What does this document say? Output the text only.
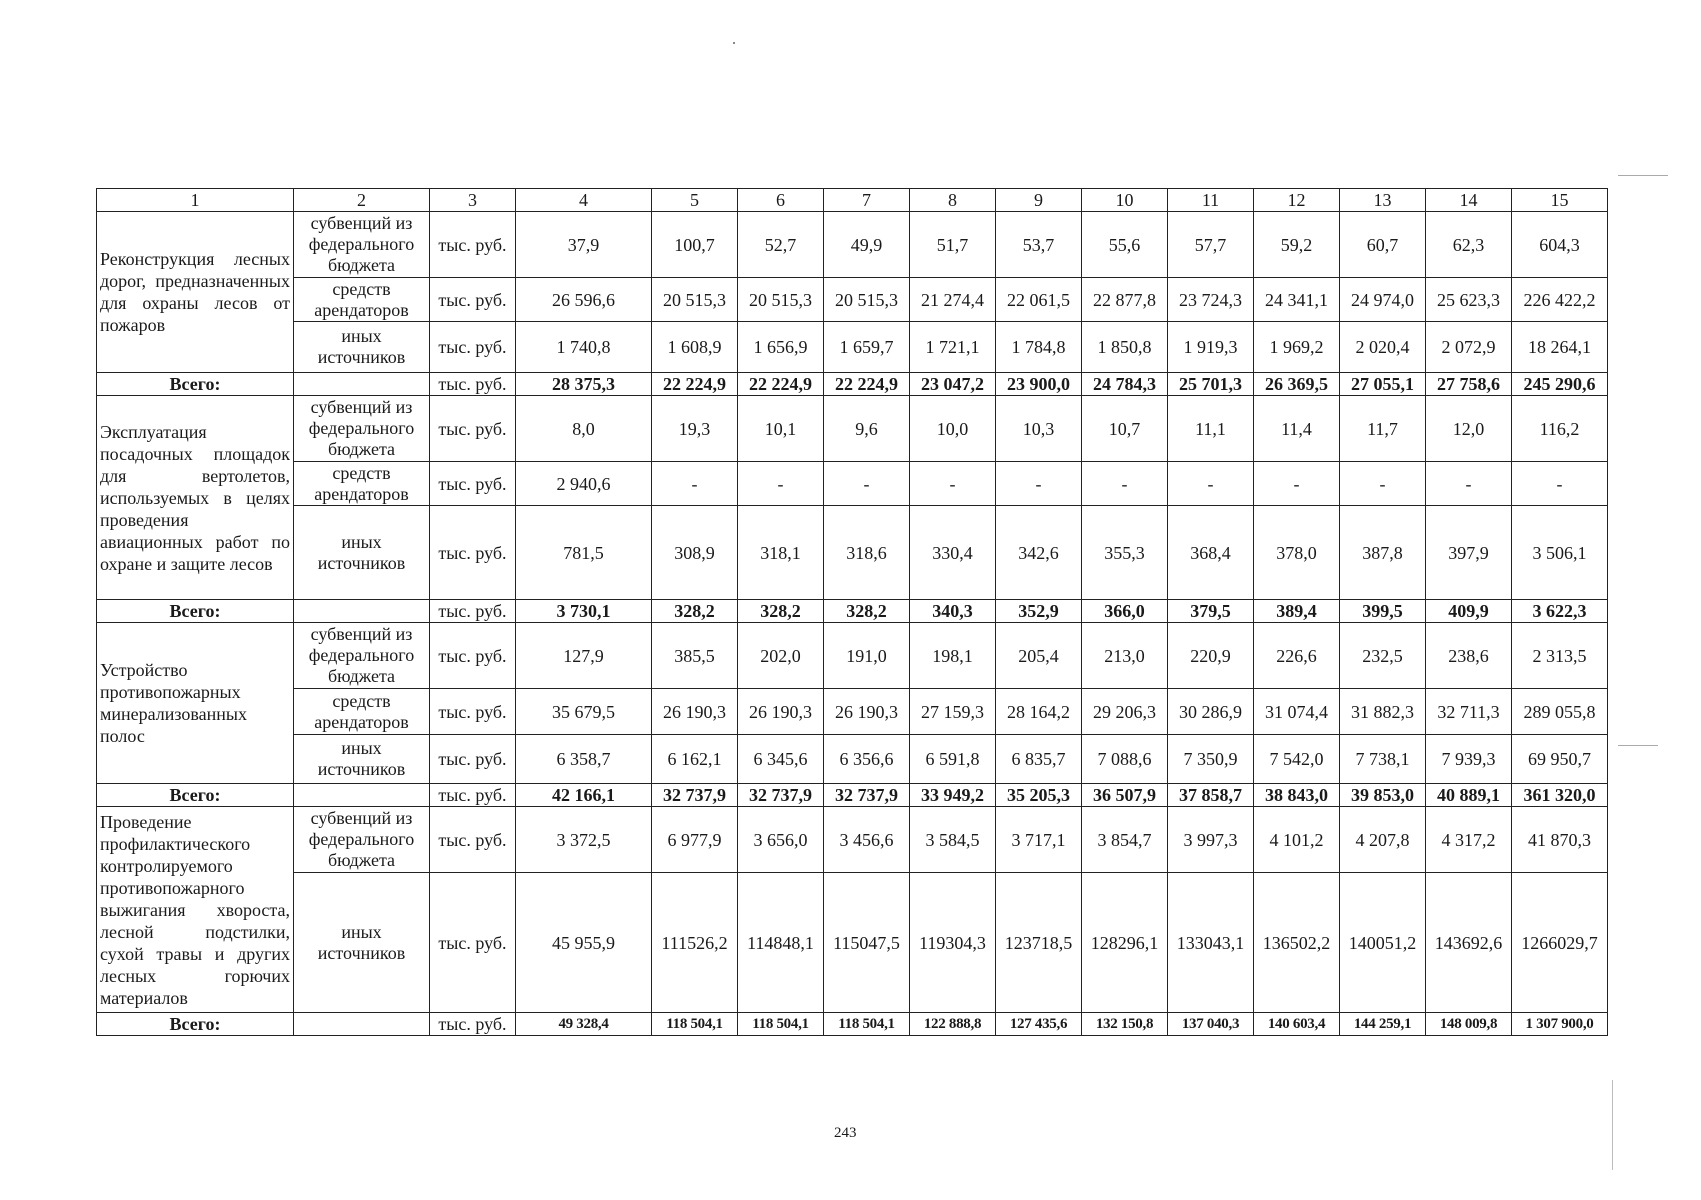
1	2	3	4	5	6	7	8	9	10	11	12	13	14	15
Реконструкция лесных дорог, предназначенных для охраны лесов от пожаров	субвенций из федерального бюджета	тыс. руб.	37,9	100,7	52,7	49,9	51,7	53,7	55,6	57,7	59,2	60,7	62,3	604,3
	средств арендаторов	тыс. руб.	26 596,6	20 515,3	20 515,3	20 515,3	21 274,4	22 061,5	22 877,8	23 724,3	24 341,1	24 974,0	25 623,3	226 422,2
	иных источников	тыс. руб.	1 740,8	1 608,9	1 656,9	1 659,7	1 721,1	1 784,8	1 850,8	1 919,3	1 969,2	2 020,4	2 072,9	18 264,1
Всего:		тыс. руб.	28 375,3	22 224,9	22 224,9	22 224,9	23 047,2	23 900,0	24 784,3	25 701,3	26 369,5	27 055,1	27 758,6	245 290,6
Эксплуатация посадочных площадок для вертолетов, используемых в целях проведения авиационных работ по охране и защите лесов	субвенций из федерального бюджета	тыс. руб.	8,0	19,3	10,1	9,6	10,0	10,3	10,7	11,1	11,4	11,7	12,0	116,2
	средств арендаторов	тыс. руб.	2 940,6	-	-	-	-	-	-	-	-	-	-	-
	иных источников	тыс. руб.	781,5	308,9	318,1	318,6	330,4	342,6	355,3	368,4	378,0	387,8	397,9	3 506,1
Всего:		тыс. руб.	3 730,1	328,2	328,2	328,2	340,3	352,9	366,0	379,5	389,4	399,5	409,9	3 622,3
Устройство противопожарных минерализованных полос	субвенций из федерального бюджета	тыс. руб.	127,9	385,5	202,0	191,0	198,1	205,4	213,0	220,9	226,6	232,5	238,6	2 313,5
	средств арендаторов	тыс. руб.	35 679,5	26 190,3	26 190,3	26 190,3	27 159,3	28 164,2	29 206,3	30 286,9	31 074,4	31 882,3	32 711,3	289 055,8
	иных источников	тыс. руб.	6 358,7	6 162,1	6 345,6	6 356,6	6 591,8	6 835,7	7 088,6	7 350,9	7 542,0	7 738,1	7 939,3	69 950,7
Всего:		тыс. руб.	42 166,1	32 737,9	32 737,9	32 737,9	33 949,2	35 205,3	36 507,9	37 858,7	38 843,0	39 853,0	40 889,1	361 320,0
Проведение профилактического контролируемого противопожарного выжигания хвороста, лесной подстилки, сухой травы и других лесных горючих материалов	субвенций из федерального бюджета	тыс. руб.	3 372,5	6 977,9	3 656,0	3 456,6	3 584,5	3 717,1	3 854,7	3 997,3	4 101,2	4 207,8	4 317,2	41 870,3
	иных источников	тыс. руб.	45 955,9	111526,2	114848,1	115047,5	119304,3	123718,5	128296,1	133043,1	136502,2	140051,2	143692,6	1266029,7
Всего:		тыс. руб.	49 328,4	118 504,1	118 504,1	118 504,1	122 888,8	127 435,6	132 150,8	137 040,3	140 603,4	144 259,1	148 009,8	1 307 900,0
243
